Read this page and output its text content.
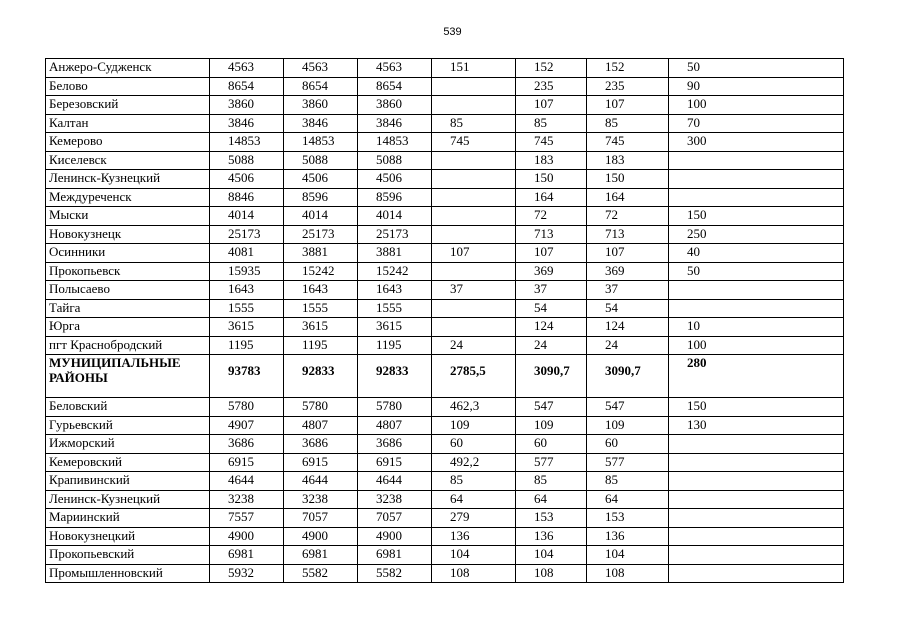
539
Анжеро-Судженск	4563	4563	4563	151	152	152	50
Белово	8654	8654	8654		235	235	90
Березовский	3860	3860	3860		107	107	100
Калтан	3846	3846	3846	85	85	85	70
Кемерово	14853	14853	14853	745	745	745	300
Киселевск	5088	5088	5088		183	183	
Ленинск-Кузнецкий	4506	4506	4506		150	150	
Междуреченск	8846	8596	8596		164	164	
Мыски	4014	4014	4014		72	72	150
Новокузнецк	25173	25173	25173		713	713	250
Осинники	4081	3881	3881	107	107	107	40
Прокопьевск	15935	15242	15242		369	369	50
Полысаево	1643	1643	1643	37	37	37	
Тайга	1555	1555	1555		54	54	
Юрга	3615	3615	3615		124	124	10
пгт Краснобродский	1195	1195	1195	24	24	24	100
МУНИЦИПАЛЬНЫЕ РАЙОНЫ	93783	92833	92833	2785,5	3090,7	3090,7	280
Беловский	5780	5780	5780	462,3	547	547	150
Гурьевский	4907	4807	4807	109	109	109	130
Ижморский	3686	3686	3686	60	60	60	
Кемеровский	6915	6915	6915	492,2	577	577	
Крапивинский	4644	4644	4644	85	85	85	
Ленинск-Кузнецкий	3238	3238	3238	64	64	64	
Мариинский	7557	7057	7057	279	153	153	
Новокузнецкий	4900	4900	4900	136	136	136	
Прокопьевский	6981	6981	6981	104	104	104	
Промышленновский	5932	5582	5582	108	108	108	
